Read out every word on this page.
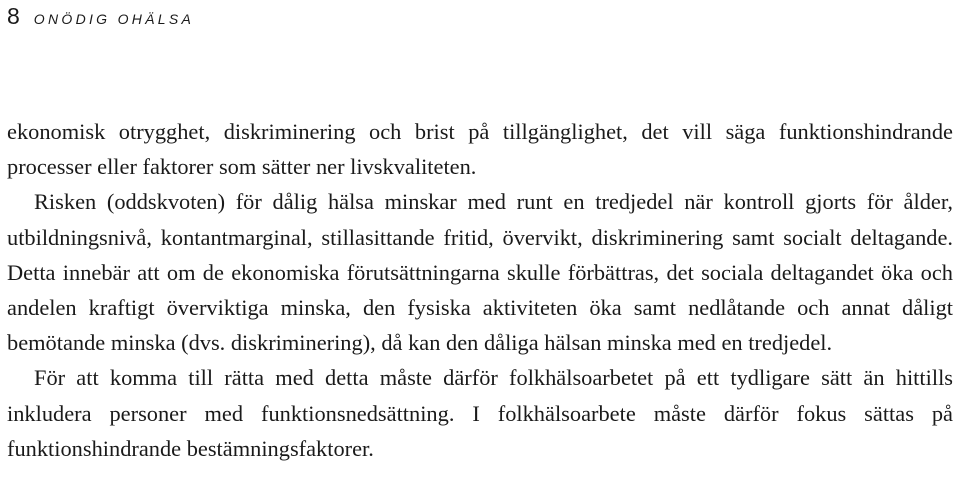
8 ONÖDIG OHÄLSA

ekonomisk otrygghet, diskriminering och brist på tillgänglighet, det vill säga funktionshindrande processer eller faktorer som sätter ner livskvaliteten.

Risken (oddskvoten) för dålig hälsa minskar med runt en tredjedel när kontroll gjorts för ålder, utbildningsnivå, kontantmarginal, stillasittande fritid, övervikt, diskriminering samt socialt deltagande. Detta innebär att om de ekonomiska förutsättningarna skulle förbättras, det sociala deltagandet öka och andelen kraftigt överviktiga minska, den fysiska aktiviteten öka samt nedlåtande och annat dåligt bemötande minska (dvs. diskriminering), då kan den dåliga hälsan minska med en tredjedel.

För att komma till rätta med detta måste därför folkhälsoarbetet på ett tydligare sätt än hittills inkludera personer med funktionsnedsättning. I folkhälsoarbete måste därför fokus sättas på funktionshindrande bestämningsfaktorer.
